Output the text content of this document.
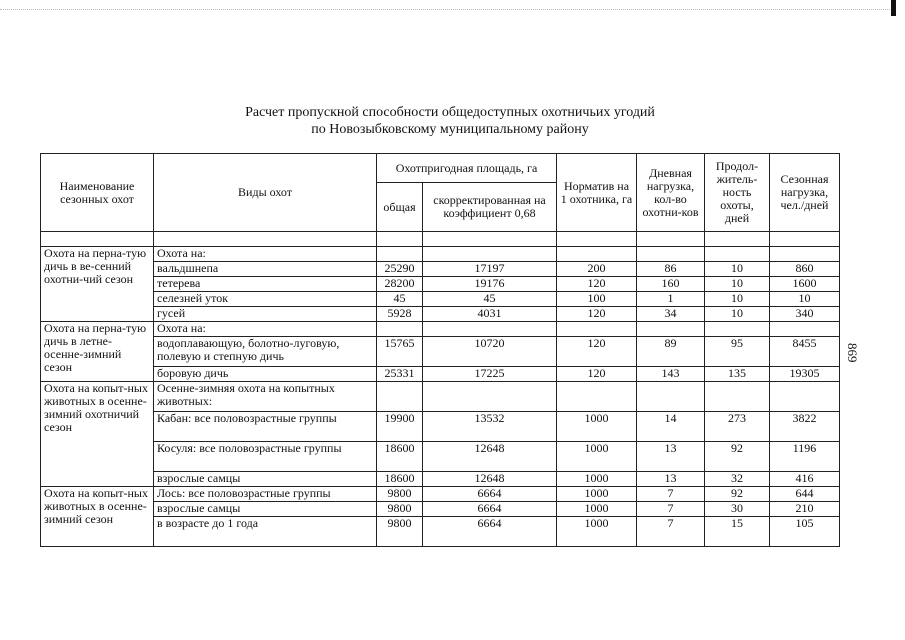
Расчет пропускной способности общедоступных охотничьих угодий
по Новозыбковскому муниципальному району
869
Наименование сезонных охот	Виды охот	Охотпригодная площадь, га		Норматив на 1 охотника, га	Дневная нагрузка, кол-во охотни-ков	Продол-житель-ность охоты, дней	Сезонная нагрузка, чел./дней
		общая	скорректированная на коэффициент 0,68				

Охота на перна-тую дичь в ве-сенний охотни-чий сезон	Охота на:						
	вальдшнепа	25290	17197	200	86	10	860
	тетерева	28200	19176	120	160	10	1600
	селезней уток	45	45	100	1	10	10
	гусей	5928	4031	120	34	10	340
Охота на перна-тую дичь в летне- осенне-зимний сезон	Охота на:						
	водоплавающую, болотно-луговую, полевую и степную дичь	15765	10720	120	89	95	8455
	боровую дичь	25331	17225	120	143	135	19305
Охота на копыт-ных животных в осенне-зимний охотничий сезон	Осенне-зимняя охота на копытных животных:						
	Кабан: все половозрастные группы	19900	13532	1000	14	273	3822
	Косуля: все половозрастные группы	18600	12648	1000	13	92	1196
	взрослые самцы	18600	12648	1000	13	32	416
Охота на копыт-ных животных в осенне-зимний сезон	Лось: все половозрастные группы	9800	6664	1000	7	92	644
	взрослые самцы	9800	6664	1000	7	30	210
	в возрасте до 1 года	9800	6664	1000	7	15	105
